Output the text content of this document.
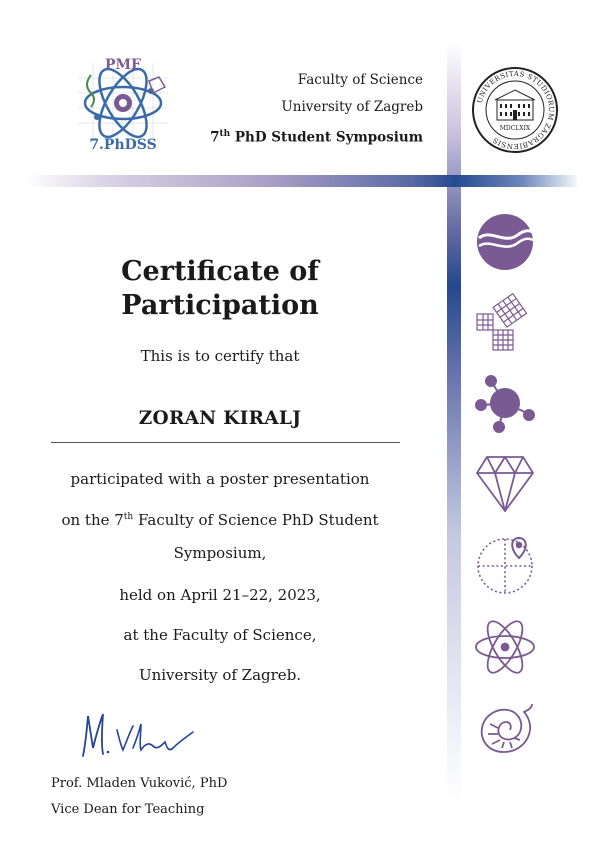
PMF
7.PhDSS
Faculty of Science
University of Zagreb
7th PhD Student Symposium
UNIVERSITAS STUDIORUM ZAGRABIENSIS
MDCLXIX
Certificate of
Participation
This is to certify that
ZORAN KIRALJ
participated with a poster presentation
on the 7th Faculty of Science PhD Student
Symposium,
held on April 21–22, 2023,
at the Faculty of Science,
University of Zagreb.
Prof. Mladen Vuković, PhD
Vice Dean for Teaching
